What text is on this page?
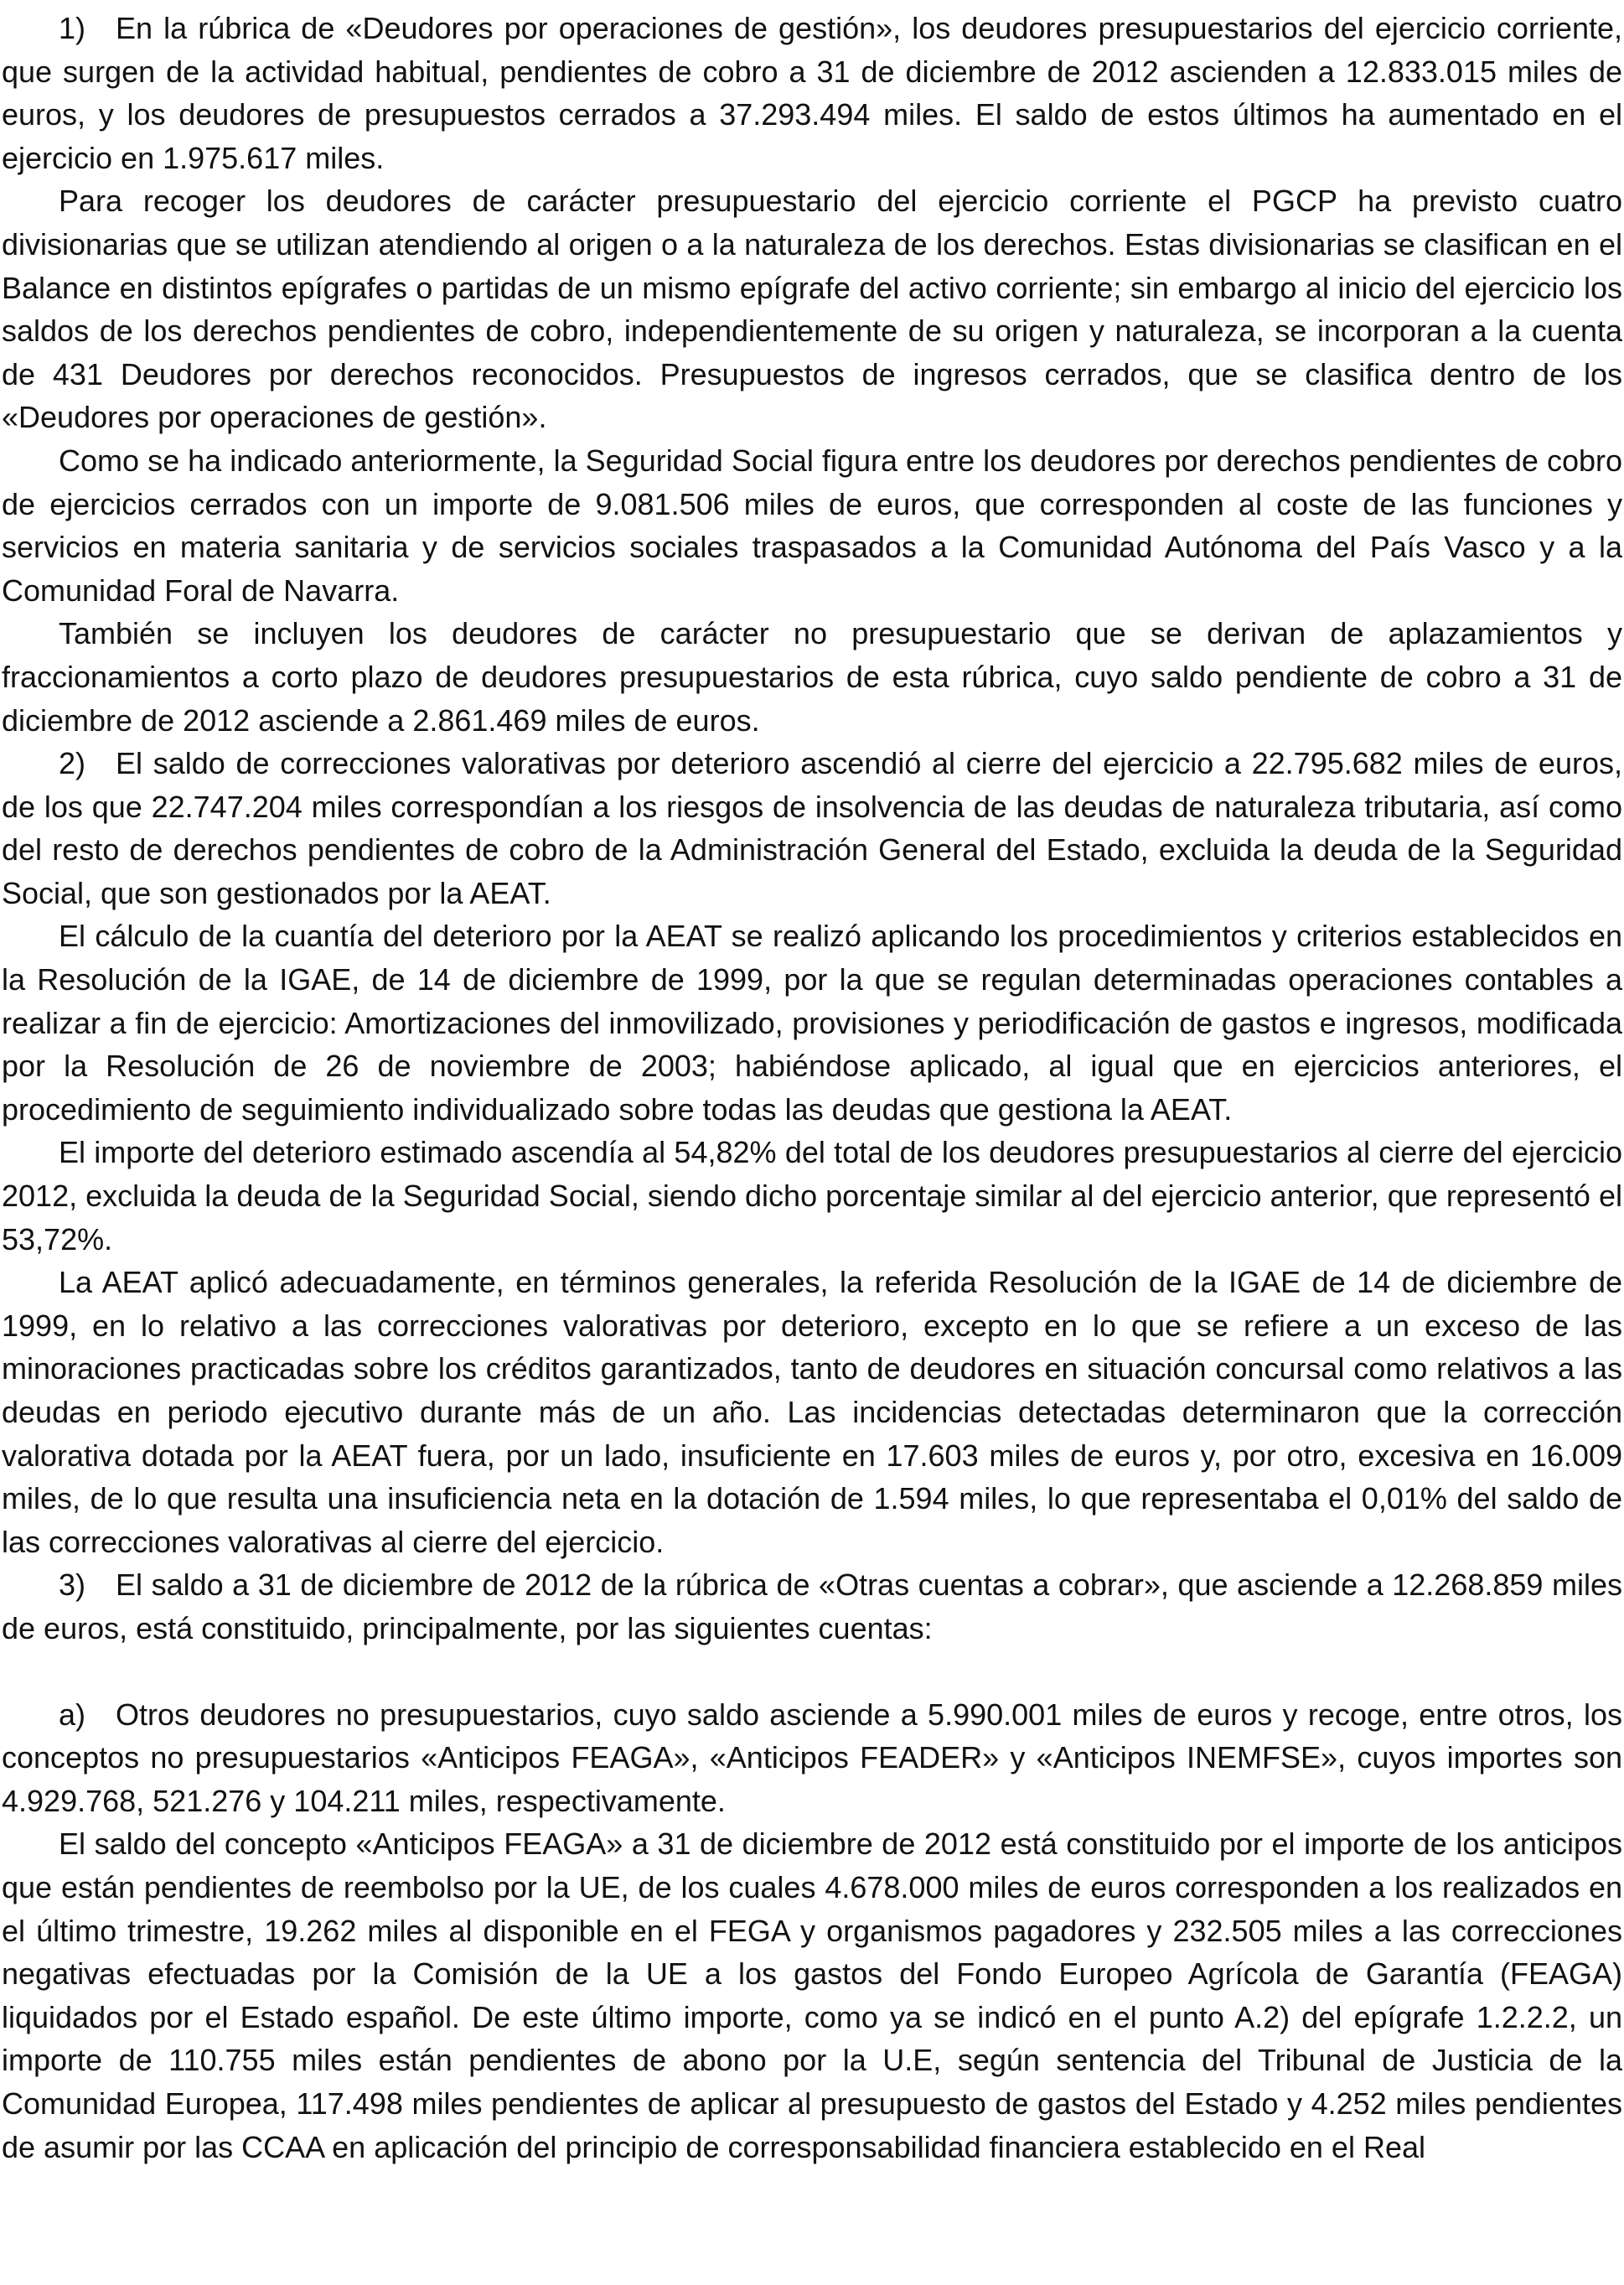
1) En la rúbrica de «Deudores por operaciones de gestión», los deudores presupuestarios del ejercicio corriente, que surgen de la actividad habitual, pendientes de cobro a 31 de diciembre de 2012 ascienden a 12.833.015 miles de euros, y los deudores de presupuestos cerrados a 37.293.494 miles. El saldo de estos últimos ha aumentado en el ejercicio en 1.975.617 miles.

Para recoger los deudores de carácter presupuestario del ejercicio corriente el PGCP ha previsto cuatro divisionarias que se utilizan atendiendo al origen o a la naturaleza de los derechos. Estas divisionarias se clasifican en el Balance en distintos epígrafes o partidas de un mismo epígrafe del activo corriente; sin embargo al inicio del ejercicio los saldos de los derechos pendientes de cobro, independientemente de su origen y naturaleza, se incorporan a la cuenta de 431 Deudores por derechos reconocidos. Presupuestos de ingresos cerrados, que se clasifica dentro de los «Deudores por operaciones de gestión».

Como se ha indicado anteriormente, la Seguridad Social figura entre los deudores por derechos pendientes de cobro de ejercicios cerrados con un importe de 9.081.506 miles de euros, que corresponden al coste de las funciones y servicios en materia sanitaria y de servicios sociales traspasados a la Comunidad Autónoma del País Vasco y a la Comunidad Foral de Navarra.

También se incluyen los deudores de carácter no presupuestario que se derivan de aplazamientos y fraccionamientos a corto plazo de deudores presupuestarios de esta rúbrica, cuyo saldo pendiente de cobro a 31 de diciembre de 2012 asciende a 2.861.469 miles de euros.

2) El saldo de correcciones valorativas por deterioro ascendió al cierre del ejercicio a 22.795.682 miles de euros, de los que 22.747.204 miles correspondían a los riesgos de insolvencia de las deudas de naturaleza tributaria, así como del resto de derechos pendientes de cobro de la Administración General del Estado, excluida la deuda de la Seguridad Social, que son gestionados por la AEAT.

El cálculo de la cuantía del deterioro por la AEAT se realizó aplicando los procedimientos y criterios establecidos en la Resolución de la IGAE, de 14 de diciembre de 1999, por la que se regulan determinadas operaciones contables a realizar a fin de ejercicio: Amortizaciones del inmovilizado, provisiones y periodificación de gastos e ingresos, modificada por la Resolución de 26 de noviembre de 2003; habiéndose aplicado, al igual que en ejercicios anteriores, el procedimiento de seguimiento individualizado sobre todas las deudas que gestiona la AEAT.

El importe del deterioro estimado ascendía al 54,82% del total de los deudores presupuestarios al cierre del ejercicio 2012, excluida la deuda de la Seguridad Social, siendo dicho porcentaje similar al del ejercicio anterior, que representó el 53,72%.

La AEAT aplicó adecuadamente, en términos generales, la referida Resolución de la IGAE de 14 de diciembre de 1999, en lo relativo a las correcciones valorativas por deterioro, excepto en lo que se refiere a un exceso de las minoraciones practicadas sobre los créditos garantizados, tanto de deudores en situación concursal como relativos a las deudas en periodo ejecutivo durante más de un año. Las incidencias detectadas determinaron que la corrección valorativa dotada por la AEAT fuera, por un lado, insuficiente en 17.603 miles de euros y, por otro, excesiva en 16.009 miles, de lo que resulta una insuficiencia neta en la dotación de 1.594 miles, lo que representaba el 0,01% del saldo de las correcciones valorativas al cierre del ejercicio.

3) El saldo a 31 de diciembre de 2012 de la rúbrica de «Otras cuentas a cobrar», que asciende a 12.268.859 miles de euros, está constituido, principalmente, por las siguientes cuentas:

a) Otros deudores no presupuestarios, cuyo saldo asciende a 5.990.001 miles de euros y recoge, entre otros, los conceptos no presupuestarios «Anticipos FEAGA», «Anticipos FEADER» y «Anticipos INEMFSE», cuyos importes son 4.929.768, 521.276 y 104.211 miles, respectivamente.

El saldo del concepto «Anticipos FEAGA» a 31 de diciembre de 2012 está constituido por el importe de los anticipos que están pendientes de reembolso por la UE, de los cuales 4.678.000 miles de euros corresponden a los realizados en el último trimestre, 19.262 miles al disponible en el FEGA y organismos pagadores y 232.505 miles a las correcciones negativas efectuadas por la Comisión de la UE a los gastos del Fondo Europeo Agrícola de Garantía (FEAGA) liquidados por el Estado español. De este último importe, como ya se indicó en el punto A.2) del epígrafe 1.2.2.2, un importe de 110.755 miles están pendientes de abono por la U.E, según sentencia del Tribunal de Justicia de la Comunidad Europea, 117.498 miles pendientes de aplicar al presupuesto de gastos del Estado y 4.252 miles pendientes de asumir por las CCAA en aplicación del principio de corresponsabilidad financiera establecido en el Real
